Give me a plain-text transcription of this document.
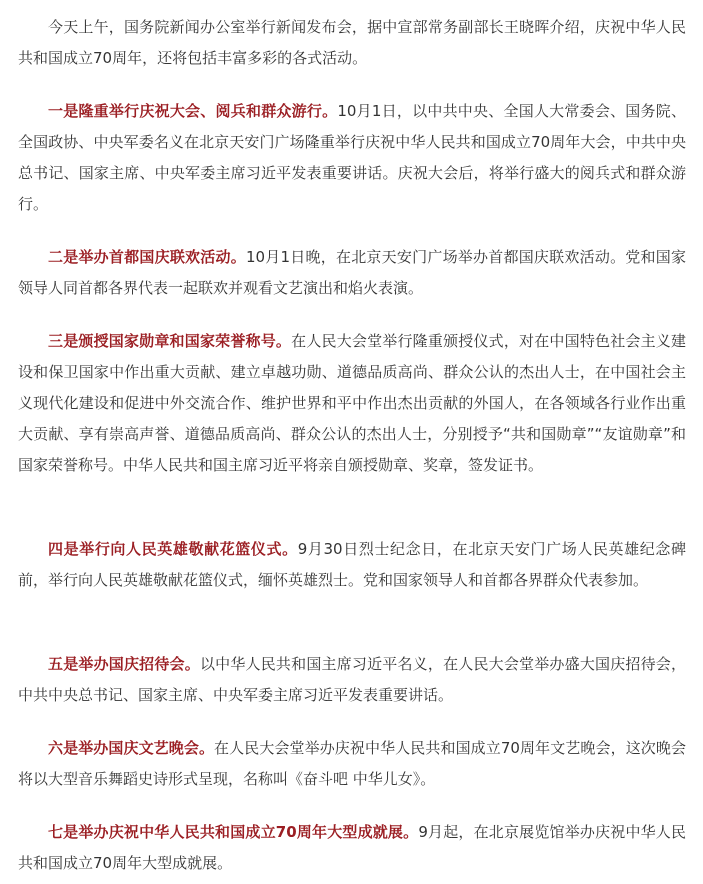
今天上午，国务院新闻办公室举行新闻发布会，据中宣部常务副部长王晓晖介绍，庆祝中华人民共和国成立70周年，还将包括丰富多彩的各式活动。

一是隆重举行庆祝大会、阅兵和群众游行。10月1日，以中共中央、全国人大常委会、国务院、全国政协、中央军委名义在北京天安门广场隆重举行庆祝中华人民共和国成立70周年大会，中共中央总书记、国家主席、中央军委主席习近平发表重要讲话。庆祝大会后，将举行盛大的阅兵式和群众游行。

二是举办首都国庆联欢活动。10月1日晚，在北京天安门广场举办首都国庆联欢活动。党和国家领导人同首都各界代表一起联欢并观看文艺演出和焰火表演。

三是颁授国家勋章和国家荣誉称号。在人民大会堂举行隆重颁授仪式，对在中国特色社会主义建设和保卫国家中作出重大贡献、建立卓越功勋、道德品质高尚、群众公认的杰出人士，在中国社会主义现代化建设和促进中外交流合作、维护世界和平中作出杰出贡献的外国人，在各领域各行业作出重大贡献、享有崇高声誉、道德品质高尚、群众公认的杰出人士，分别授予“共和国勋章”“友谊勋章”和国家荣誉称号。中华人民共和国主席习近平将亲自颁授勋章、奖章，签发证书。

四是举行向人民英雄敬献花篮仪式。9月30日烈士纪念日，在北京天安门广场人民英雄纪念碑前，举行向人民英雄敬献花篮仪式，缅怀英雄烈士。党和国家领导人和首都各界群众代表参加。

五是举办国庆招待会。以中华人民共和国主席习近平名义，在人民大会堂举办盛大国庆招待会，中共中央总书记、国家主席、中央军委主席习近平发表重要讲话。

六是举办国庆文艺晚会。在人民大会堂举办庆祝中华人民共和国成立70周年文艺晚会，这次晚会将以大型音乐舞蹈史诗形式呈现，名称叫《奋斗吧 中华儿女》。

七是举办庆祝中华人民共和国成立70周年大型成就展。9月起，在北京展览馆举办庆祝中华人民共和国成立70周年大型成就展。
